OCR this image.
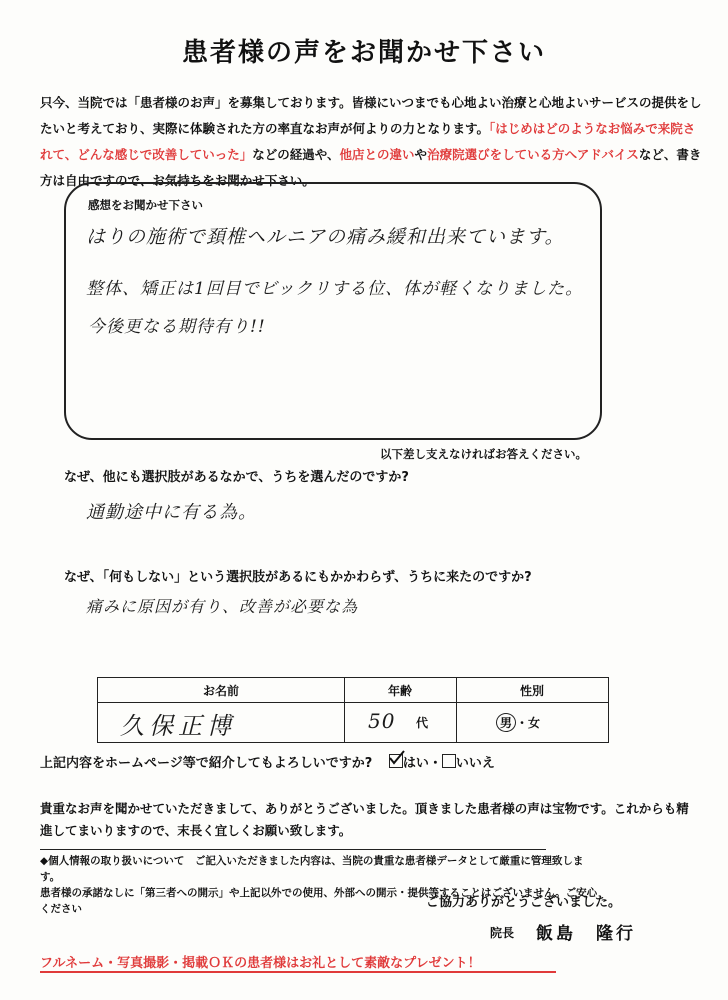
患者様の声をお聞かせ下さい
只今、当院では「患者様のお声」を募集しております。皆様にいつまでも心地よい治療と心地よいサービスの提供をしたいと考えており、実際に体験された方の率直なお声が何よりの力となります。「はじめはどのようなお悩みで来院されて、どんな感じで改善していった」などの経過や、他店との違いや治療院選びをしている方へアドバイスなど、書き方は自由ですので、お気持ちをお聞かせ下さい。
感想をお聞かせ下さい
はりの施術で頚椎ヘルニアの痛み緩和出来ています。
整体、矯正は1回目でビックリする位、体が軽くなりました。
今後更なる期待有り!!
以下差し支えなければお答えください。
なぜ、他にも選択肢があるなかで、うちを選んだのですか?
通勤途中に有る為。
なぜ、「何もしない」という選択肢があるにもかかわらず、うちに来たのですか?
痛みに原因が有り、改善が必要な為
お名前	年齢	性別
久保正博	50 代	男 ・女
上記内容をホームページ等で紹介してもよろしいですか? はい・ いいえ
貴重なお声を聞かせていただきまして、ありがとうございました。頂きました患者様の声は宝物です。これからも精進してまいりますので、末長く宜しくお願い致します。
◆個人情報の取り扱いについて　ご記入いただきました内容は、当院の貴重な患者様データとして厳重に管理致します。
患者様の承諾なしに「第三者への開示」や上記以外での使用、外部への開示・提供等することはございません。ご安心ください	ご協力ありがとうございました。
院長 飯島　隆行
フルネーム・写真撮影・掲載ＯＫの患者様はお礼として素敵なプレゼント！
